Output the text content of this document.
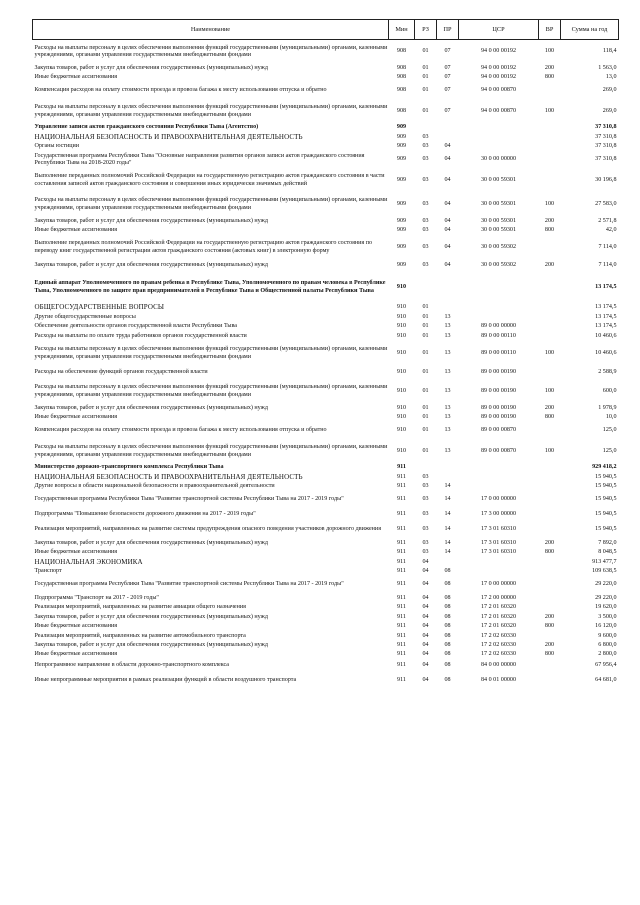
Наименование	Мин	РЗ	ПР	ЦСР	ВР	Сумма на год
Расходы на выплаты персоналу в целях обеспечения выполнения функций государственными (муниципальными) органами, казенными учреждениями, органами управления государственными внебюджетными фондами	908	01	07	94 0 00 00192	100	118,4
Закупка товаров, работ и услуг для обеспечения государственных (муниципальных) нужд	908	01	07	94 0 00 00192	200	1 563,0
Иные бюджетные ассигнования	908	01	07	94 0 00 00192	800	13,0
Компенсация расходов на оплату стоимости проезда и провоза багажа к месту использования отпуска и обратно	908	01	07	94 0 00 00870		269,0
Расходы на выплаты персоналу в целях обеспечения выполнения функций государственными (муниципальными) органами, казенными учреждениями, органами управления государственными внебюджетными фондами	908	01	07	94 0 00 00870	100	269,0
Управление записи актов гражданского состояния Республики Тыва (Агентство)	909					37 310,8
НАЦИОНАЛЬНАЯ БЕЗОПАСНОСТЬ И ПРАВООХРАНИТЕЛЬНАЯ ДЕЯТЕЛЬНОСТЬ	909	03				37 310,8
Органы юстиции	909	03	04			37 310,8
Государственная программа Республики Тыва "Основные направления развития органов записи актов гражданского состояния Республики Тыва на 2018-2020 годы"	909	03	04	30 0 00 00000		37 310,8
Выполнение переданных полномочий Российской Федерации на государственную регистрацию актов гражданского состояния в части составления записей актов гражданского состояния и совершения иных юридически значимых действий	909	03	04	30 0 00 59301		30 196,8
Расходы на выплаты персоналу в целях обеспечения выполнения функций государственными (муниципальными) органами, казенными учреждениями, органами управления государственными внебюджетными фондами	909	03	04	30 0 00 59301	100	27 583,0
Закупка товаров, работ и услуг для обеспечения государственных (муниципальных) нужд	909	03	04	30 0 00 59301	200	2 571,8
Иные бюджетные ассигнования	909	03	04	30 0 00 59301	800	42,0
Выполнение переданных полномочий Российской Федерации на государственную регистрацию актов гражданского состояния по переводу книг государственной регистрации актов гражданского состояния (актовых книг) в электронную форму	909	03	04	30 0 00 59302		7 114,0
Закупка товаров, работ и услуг для обеспечения государственных (муниципальных) нужд	909	03	04	30 0 00 59302	200	7 114,0
Единый аппарат Уполномоченного по правам ребенка в Республике Тыва, Уполномоченного по правам человека в Республике Тыва, Уполномоченного по защите прав предпринимателей в Республике Тыва и Общественной палаты Республики Тыва	910					13 174,5
ОБЩЕГОСУДАРСТВЕННЫЕ ВОПРОСЫ	910	01				13 174,5
Другие общегосударственные вопросы	910	01	13			13 174,5
Обеспечение деятельности органов государственной власти Республики Тыва	910	01	13	89 0 00 00000		13 174,5
Расходы на выплаты по оплате труда работников органов государственной власти	910	01	13	89 0 00 00110		10 460,6
Расходы на выплаты персоналу в целях обеспечения выполнения функций государственными (муниципальными) органами, казенными учреждениями, органами управления государственными внебюджетными фондами	910	01	13	89 0 00 00110	100	10 460,6
Расходы на обеспечение функций органов государственной власти	910	01	13	89 0 00 00190		2 588,9
Расходы на выплаты персоналу в целях обеспечения выполнения функций государственными (муниципальными) органами, казенными учреждениями, органами управления государственными внебюджетными фондами	910	01	13	89 0 00 00190	100	600,0
Закупка товаров, работ и услуг для обеспечения государственных (муниципальных) нужд	910	01	13	89 0 00 00190	200	1 978,9
Иные бюджетные ассигнования	910	01	13	89 0 00 00190	800	10,0
Компенсация расходов на оплату стоимости проезда и провоза багажа к месту использования отпуска и обратно	910	01	13	89 0 00 00870		125,0
Расходы на выплаты персоналу в целях обеспечения выполнения функций государственными (муниципальными) органами, казенными учреждениями, органами управления государственными внебюджетными фондами	910	01	13	89 0 00 00870	100	125,0
Министерство дорожно-транспортного комплекса Республики Тыва	911					929 418,2
НАЦИОНАЛЬНАЯ БЕЗОПАСНОСТЬ И ПРАВООХРАНИТЕЛЬНАЯ ДЕЯТЕЛЬНОСТЬ	911	03				15 940,5
Другие вопросы в области национальной безопасности и правоохранительной деятельности	911	03	14			15 940,5
Государственная программа Республики Тыва "Развитие транспортной системы Республики Тыва на 2017 - 2019 годы"	911	03	14	17 0 00 00000		15 940,5
Подпрограмма "Повышение безопасности дорожного движения на 2017 - 2019 годы"	911	03	14	17 3 00 00000		15 940,5
Реализация мероприятий, направленных на развитие системы предупреждения опасного поведения участников дорожного движения	911	03	14	17 3 01 60310		15 940,5
Закупка товаров, работ и услуг для обеспечения государственных (муниципальных) нужд	911	03	14	17 3 01 60310	200	7 892,0
Иные бюджетные ассигнования	911	03	14	17 3 01 60310	800	8 048,5
НАЦИОНАЛЬНАЯ ЭКОНОМИКА	911	04				913 477,7
Транспорт	911	04	08			109 638,5
Государственная программа Республики Тыва "Развитие транспортной системы Республики Тыва на 2017 - 2019 годы"	911	04	08	17 0 00 00000		29 220,0
Подпрограмма "Транспорт на 2017 - 2019 годы"	911	04	08	17 2 00 00000		29 220,0
Реализация мероприятий, направленных на развитие авиации общего назначения	911	04	08	17 2 01 60320		19 620,0
Закупка товаров, работ и услуг для обеспечения государственных (муниципальных) нужд	911	04	08	17 2 01 60320	200	3 500,0
Иные бюджетные ассигнования	911	04	08	17 2 01 60320	800	16 120,0
Реализация мероприятий, направленных на развитие автомобильного транспорта	911	04	08	17 2 02 60330		9 600,0
Закупка товаров, работ и услуг для обеспечения государственных (муниципальных) нужд	911	04	08	17 2 02 60330	200	6 800,0
Иные бюджетные ассигнования	911	04	08	17 2 02 60330	800	2 800,0
Непрограммное направление в области дорожно-транспортного комплекса	911	04	08	84 0 00 00000		67 956,4
Иные непрограммные мероприятия в рамках реализации функций в области воздушного транспорта	911	04	08	84 0 01 00000		64 681,0
